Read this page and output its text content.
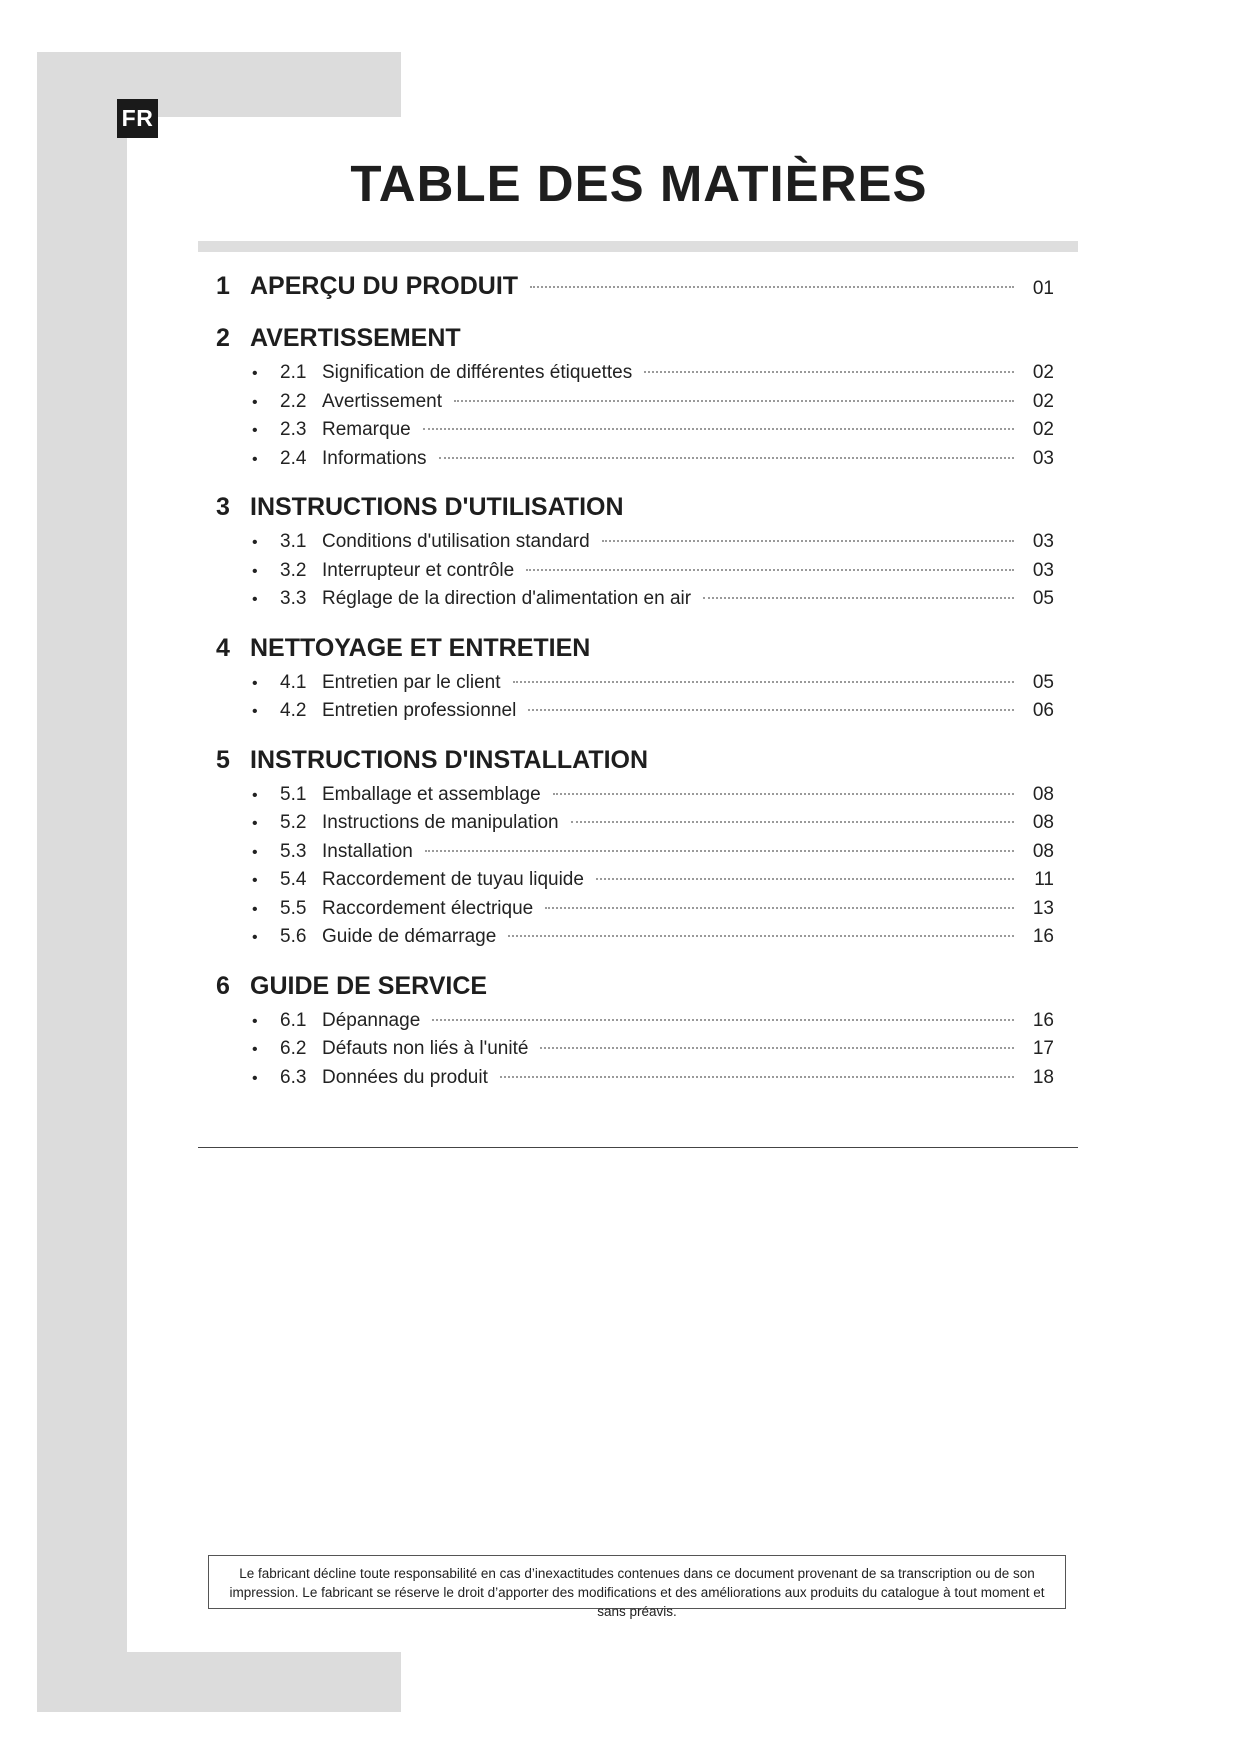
FR
TABLE DES MATIÈRES
1 APERÇU DU PRODUIT	01
2 AVERTISSEMENT
•	2.1 Signification de différentes étiquettes	02
•	2.2 Avertissement	02
•	2.3 Remarque	02
•	2.4 Informations	03
3 INSTRUCTIONS D'UTILISATION
•	3.1 Conditions d'utilisation standard	03
•	3.2 Interrupteur et contrôle	03
•	3.3 Réglage de la direction d'alimentation en air	05
4 NETTOYAGE ET ENTRETIEN
•	4.1 Entretien par le client	05
•	4.2 Entretien professionnel	06
5 INSTRUCTIONS D'INSTALLATION
•	5.1 Emballage et assemblage	08
•	5.2 Instructions de manipulation	08
•	5.3 Installation	08
•	5.4 Raccordement de tuyau liquide	11
•	5.5 Raccordement électrique	13
•	5.6 Guide de démarrage	16
6 GUIDE DE SERVICE
•	6.1 Dépannage	16
•	6.2 Défauts non liés à l'unité	17
•	6.3 Données du produit	18
Le fabricant décline toute responsabilité en cas d’inexactitudes contenues dans ce document provenant de sa transcription ou de son impression. Le fabricant se réserve le droit d’apporter des modifications et des améliorations aux produits du catalogue à tout moment et sans préavis.
